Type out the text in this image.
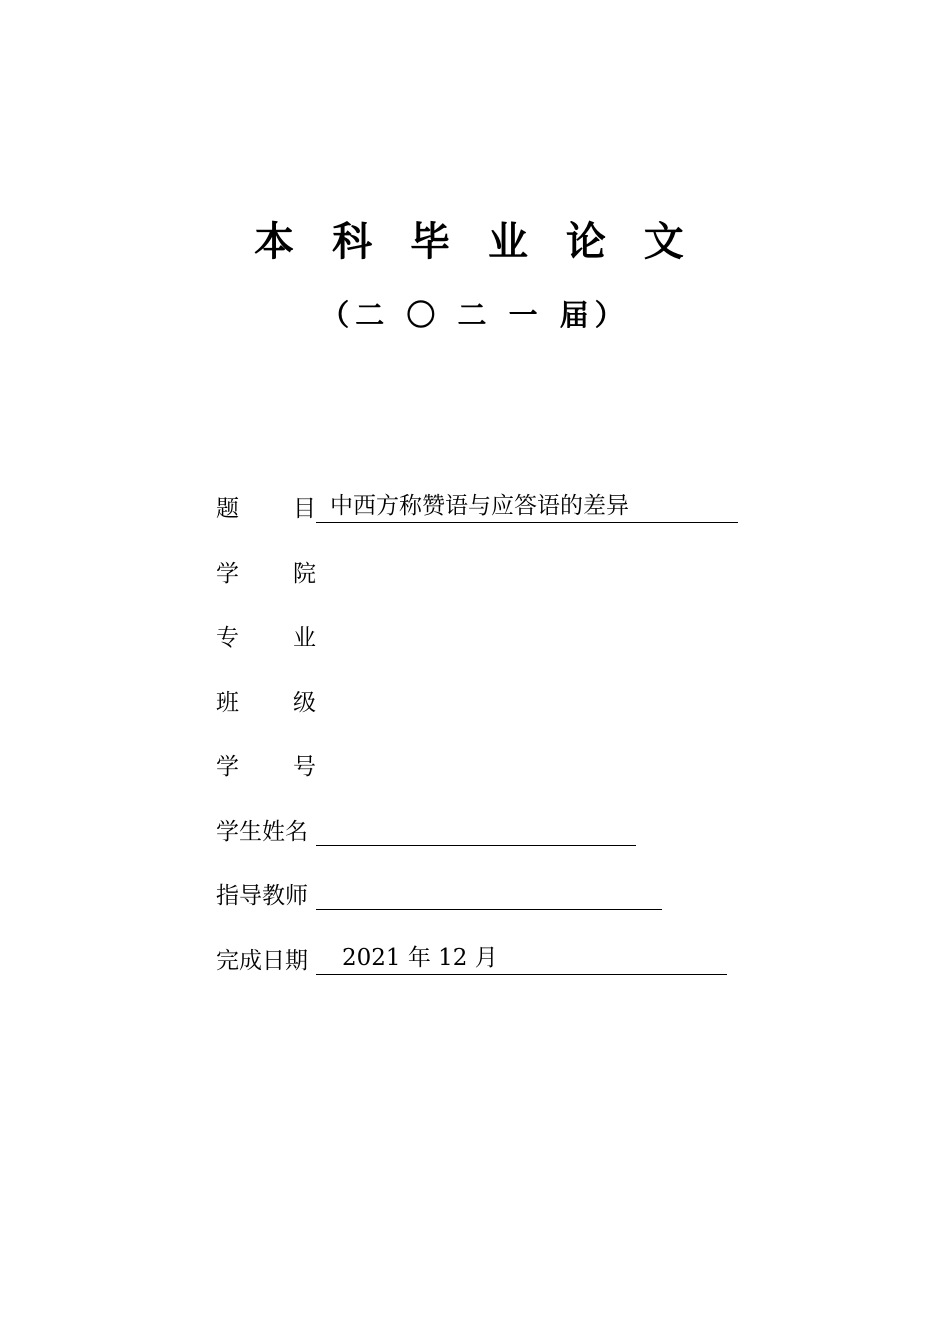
本 科 毕 业 论 文
（二 〇 二 一 届）
题 目 中西方称赞语与应答语的差异
学 院
专 业
班 级
学 号
学生姓名
指导教师
完成日期	2021 年 12 月
